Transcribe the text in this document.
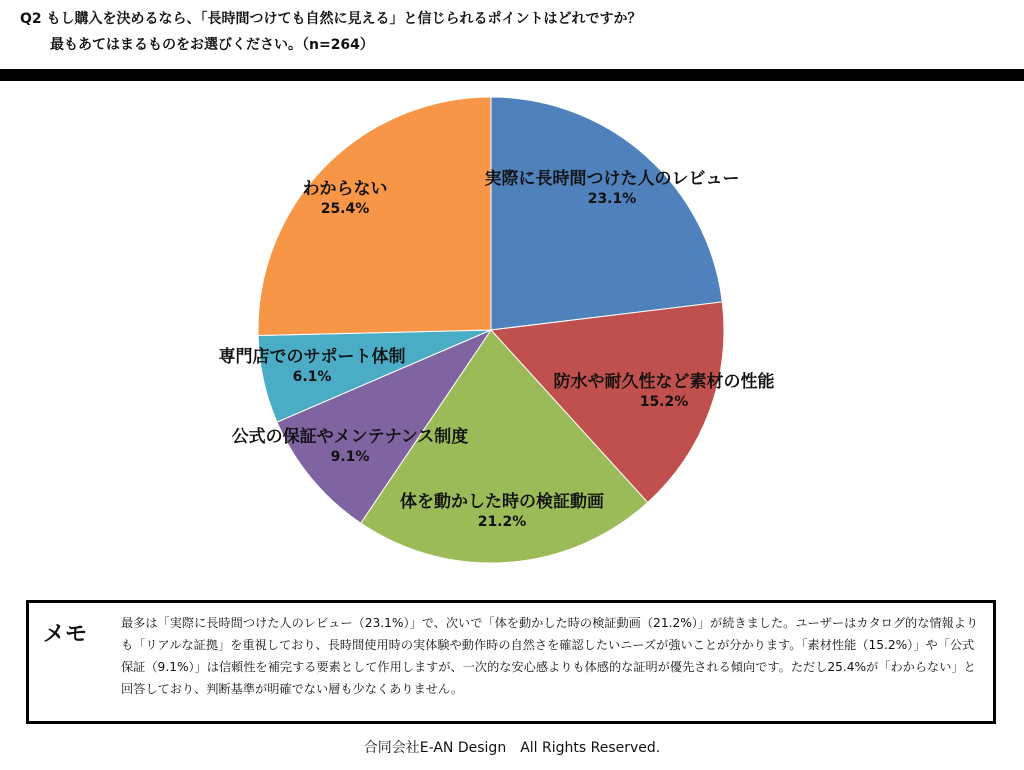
Q2 もし購入を決めるなら、「長時間つけても自然に見える」と信じられるポイントはどれですか？
最もあてはまるものをお選びください。（n=264）
実際に長時間つけた人のレビュー
23.1%
防水や耐久性など素材の性能
15.2%
体を動かした時の検証動画
21.2%
公式の保証やメンテナンス制度
9.1%
専門店でのサポート体制
6.1%
わからない
25.4%
メモ	最多は「実際に長時間つけた人のレビュー（23.1%）」で、次いで「体を動かした時の検証動画（21.2%）」が続きました。ユーザーはカタログ的な情報よりも「リアルな証拠」を重視しており、長時間使用時の実体験や動作時の自然さを確認したいニーズが強いことが分かります。「素材性能（15.2%）」や「公式保証（9.1%）」は信頼性を補完する要素として作用しますが、一次的な安心感よりも体感的な証明が優先される傾向です。ただし25.4%が「わからない」と回答しており、判断基準が明確でない層も少なくありません。
合同会社E-AN Design　All Rights Reserved.
